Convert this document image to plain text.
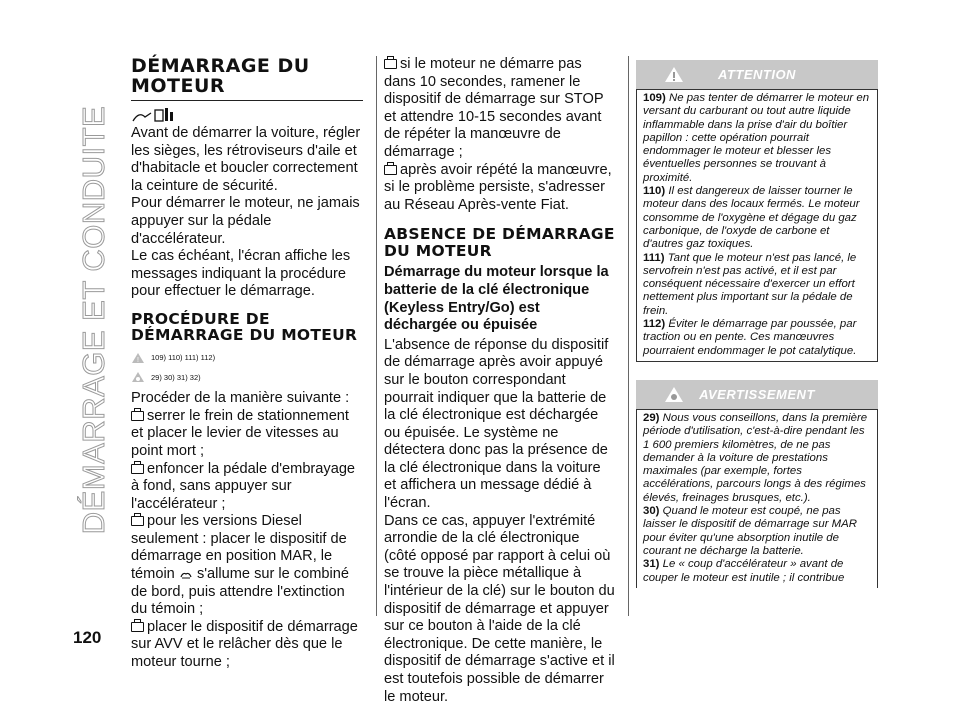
DÉMARRAGE ET CONDUITE
120
DÉMARRAGE DU MOTEUR

Avant de démarrer la voiture, régler les sièges, les rétroviseurs d'aile et d'habitacle et boucler correctement la ceinture de sécurité.

Pour démarrer le moteur, ne jamais appuyer sur la pédale d'accélérateur.

Le cas échéant, l'écran affiche les messages indiquant la procédure pour effectuer le démarrage.

PROCÉDURE DE DÉMARRAGE DU MOTEUR
! 109) 110) 111) 112)
29) 30) 31) 32)

Procéder de la manière suivante :

serrer le frein de stationnement et placer le levier de vitesses au point mort ;

enfoncer la pédale d'embrayage à fond, sans appuyer sur l'accélérateur ;

pour les versions Diesel seulement : placer le dispositif de démarrage en position MAR, le témoin s'allume sur le combiné de bord, puis attendre l'extinction du témoin ;

placer le dispositif de démarrage sur AVV et le relâcher dès que le moteur tourne ;

si le moteur ne démarre pas dans 10 secondes, ramener le dispositif de démarrage sur STOP et attendre 10-15 secondes avant de répéter la manœuvre de démarrage ;

après avoir répété la manœuvre, si le problème persiste, s'adresser au Réseau Après-vente Fiat.

ABSENCE DE DÉMARRAGE DU MOTEUR
Démarrage du moteur lorsque la batterie de la clé électronique (Keyless Entry/Go) est déchargée ou épuisée

L'absence de réponse du dispositif de démarrage après avoir appuyé sur le bouton correspondant pourrait indiquer que la batterie de la clé électronique est déchargée ou épuisée. Le système ne détectera donc pas la présence de la clé électronique dans la voiture et affichera un message dédié à l'écran.

Dans ce cas, appuyer l'extrémité arrondie de la clé électronique (côté opposé par rapport à celui où se trouve la pièce métallique à l'intérieur de la clé) sur le bouton du dispositif de démarrage et appuyer sur ce bouton à l'aide de la clé électronique. De cette manière, le dispositif de démarrage s'active et il est toutefois possible de démarrer le moteur.

ATTENTION

109) Ne pas tenter de démarrer le moteur en versant du carburant ou tout autre liquide inflammable dans la prise d'air du boîtier papillon : cette opération pourrait endommager le moteur et blesser les éventuelles personnes se trouvant à proximité.

110) Il est dangereux de laisser tourner le moteur dans des locaux fermés. Le moteur consomme de l'oxygène et dégage du gaz carbonique, de l'oxyde de carbone et d'autres gaz toxiques.

111) Tant que le moteur n'est pas lancé, le servofrein n'est pas activé, et il est par conséquent nécessaire d'exercer un effort nettement plus important sur la pédale de frein.

112) Éviter le démarrage par poussée, par traction ou en pente. Ces manœuvres pourraient endommager le pot catalytique.

AVERTISSEMENT

29) Nous vous conseillons, dans la première période d'utilisation, c'est-à-dire pendant les 1 600 premiers kilomètres, de ne pas demander à la voiture de prestations maximales (par exemple, fortes accélérations, parcours longs à des régimes élevés, freinages brusques, etc.).

30) Quand le moteur est coupé, ne pas laisser le dispositif de démarrage sur MAR pour éviter qu'une absorption inutile de courant ne décharge la batterie.

31) Le « coup d'accélérateur » avant de couper le moteur est inutile ; il contribue
